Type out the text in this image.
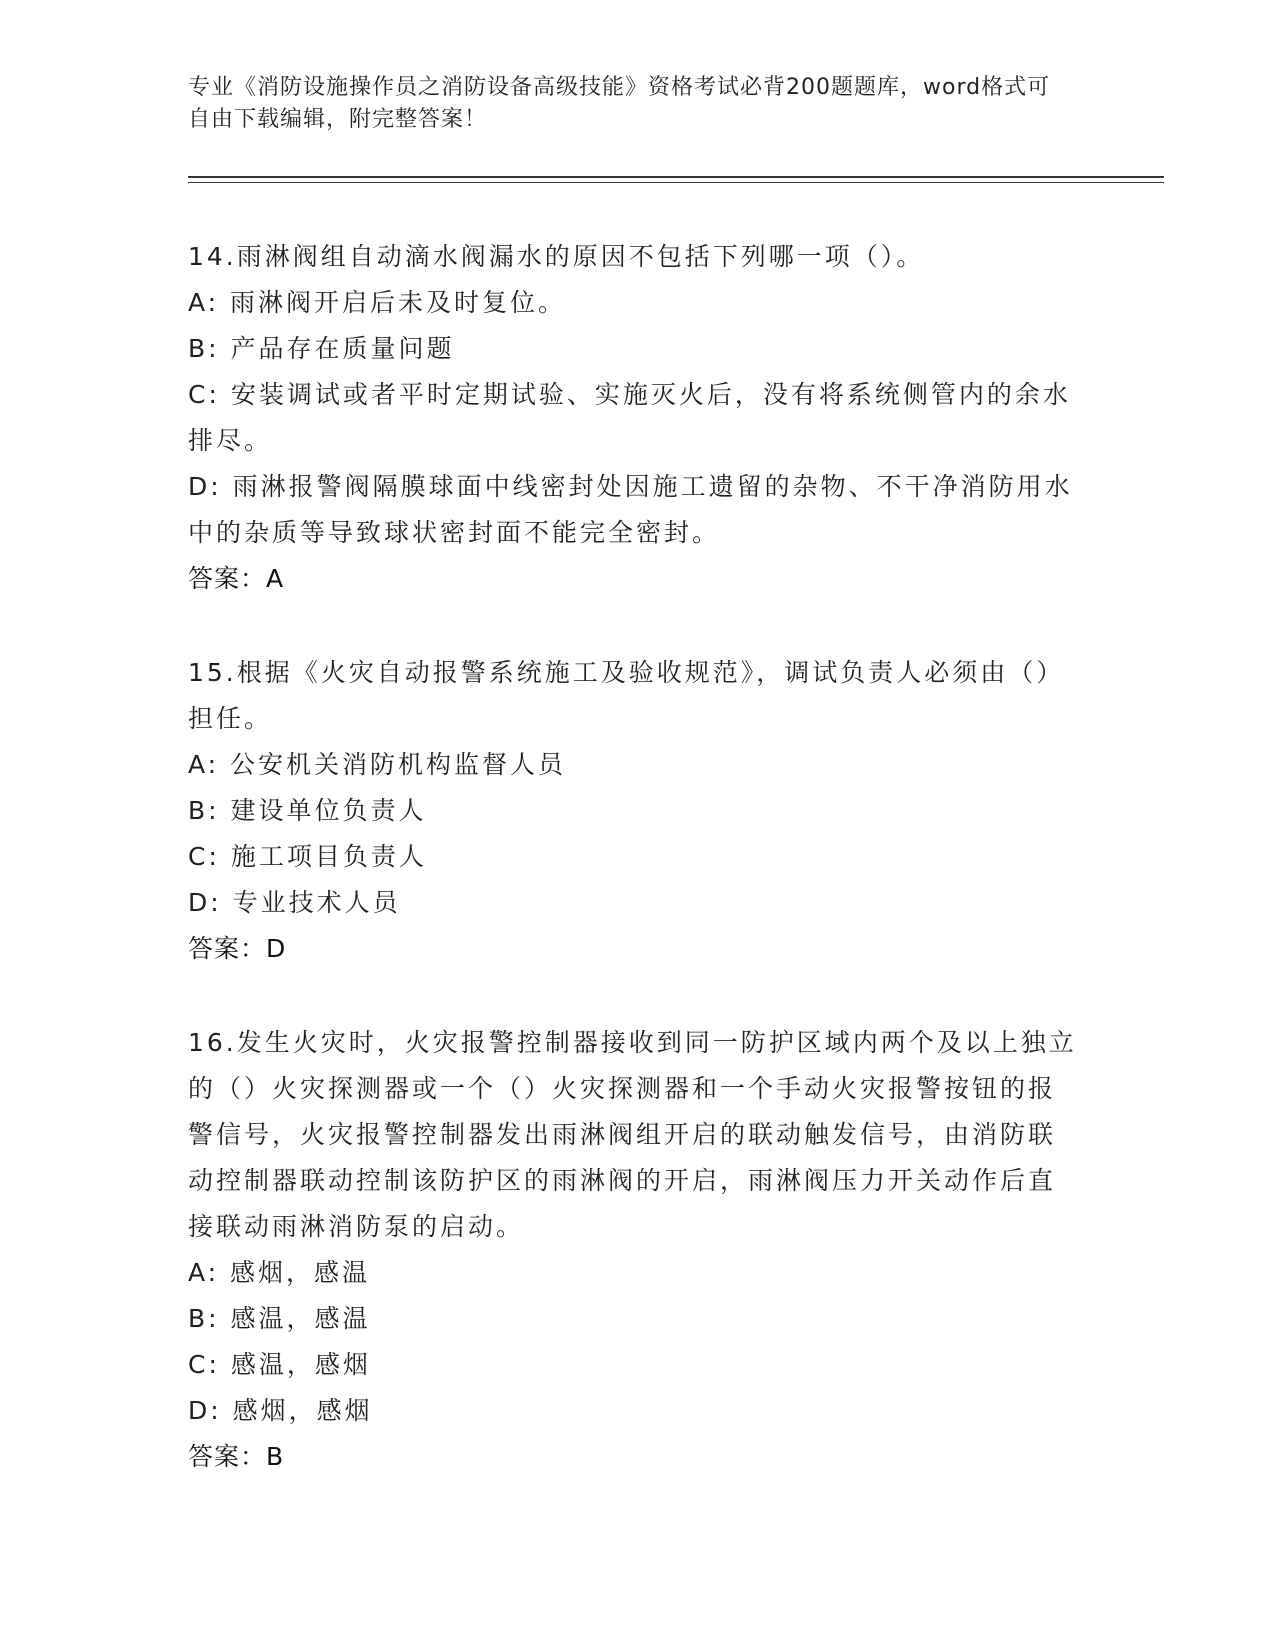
专业《消防设施操作员之消防设备高级技能》资格考试必背200题题库，word格式可自由下载编辑，附完整答案！
14.雨淋阀组自动滴水阀漏水的原因不包括下列哪一项（）。
A: 雨淋阀开启后未及时复位。
B: 产品存在质量问题
C: 安装调试或者平时定期试验、实施灭火后，没有将系统侧管内的余水排尽。
D: 雨淋报警阀隔膜球面中线密封处因施工遗留的杂物、不干净消防用水中的杂质等导致球状密封面不能完全密封。
答案：A
15.根据《火灾自动报警系统施工及验收规范》，调试负责人必须由（）担任。
A: 公安机关消防机构监督人员
B: 建设单位负责人
C: 施工项目负责人
D: 专业技术人员
答案：D
16.发生火灾时，火灾报警控制器接收到同一防护区域内两个及以上独立的（）火灾探测器或一个（）火灾探测器和一个手动火灾报警按钮的报警信号，火灾报警控制器发出雨淋阀组开启的联动触发信号，由消防联动控制器联动控制该防护区的雨淋阀的开启，雨淋阀压力开关动作后直接联动雨淋消防泵的启动。
A: 感烟，感温
B: 感温，感温
C: 感温，感烟
D: 感烟，感烟
答案：B
